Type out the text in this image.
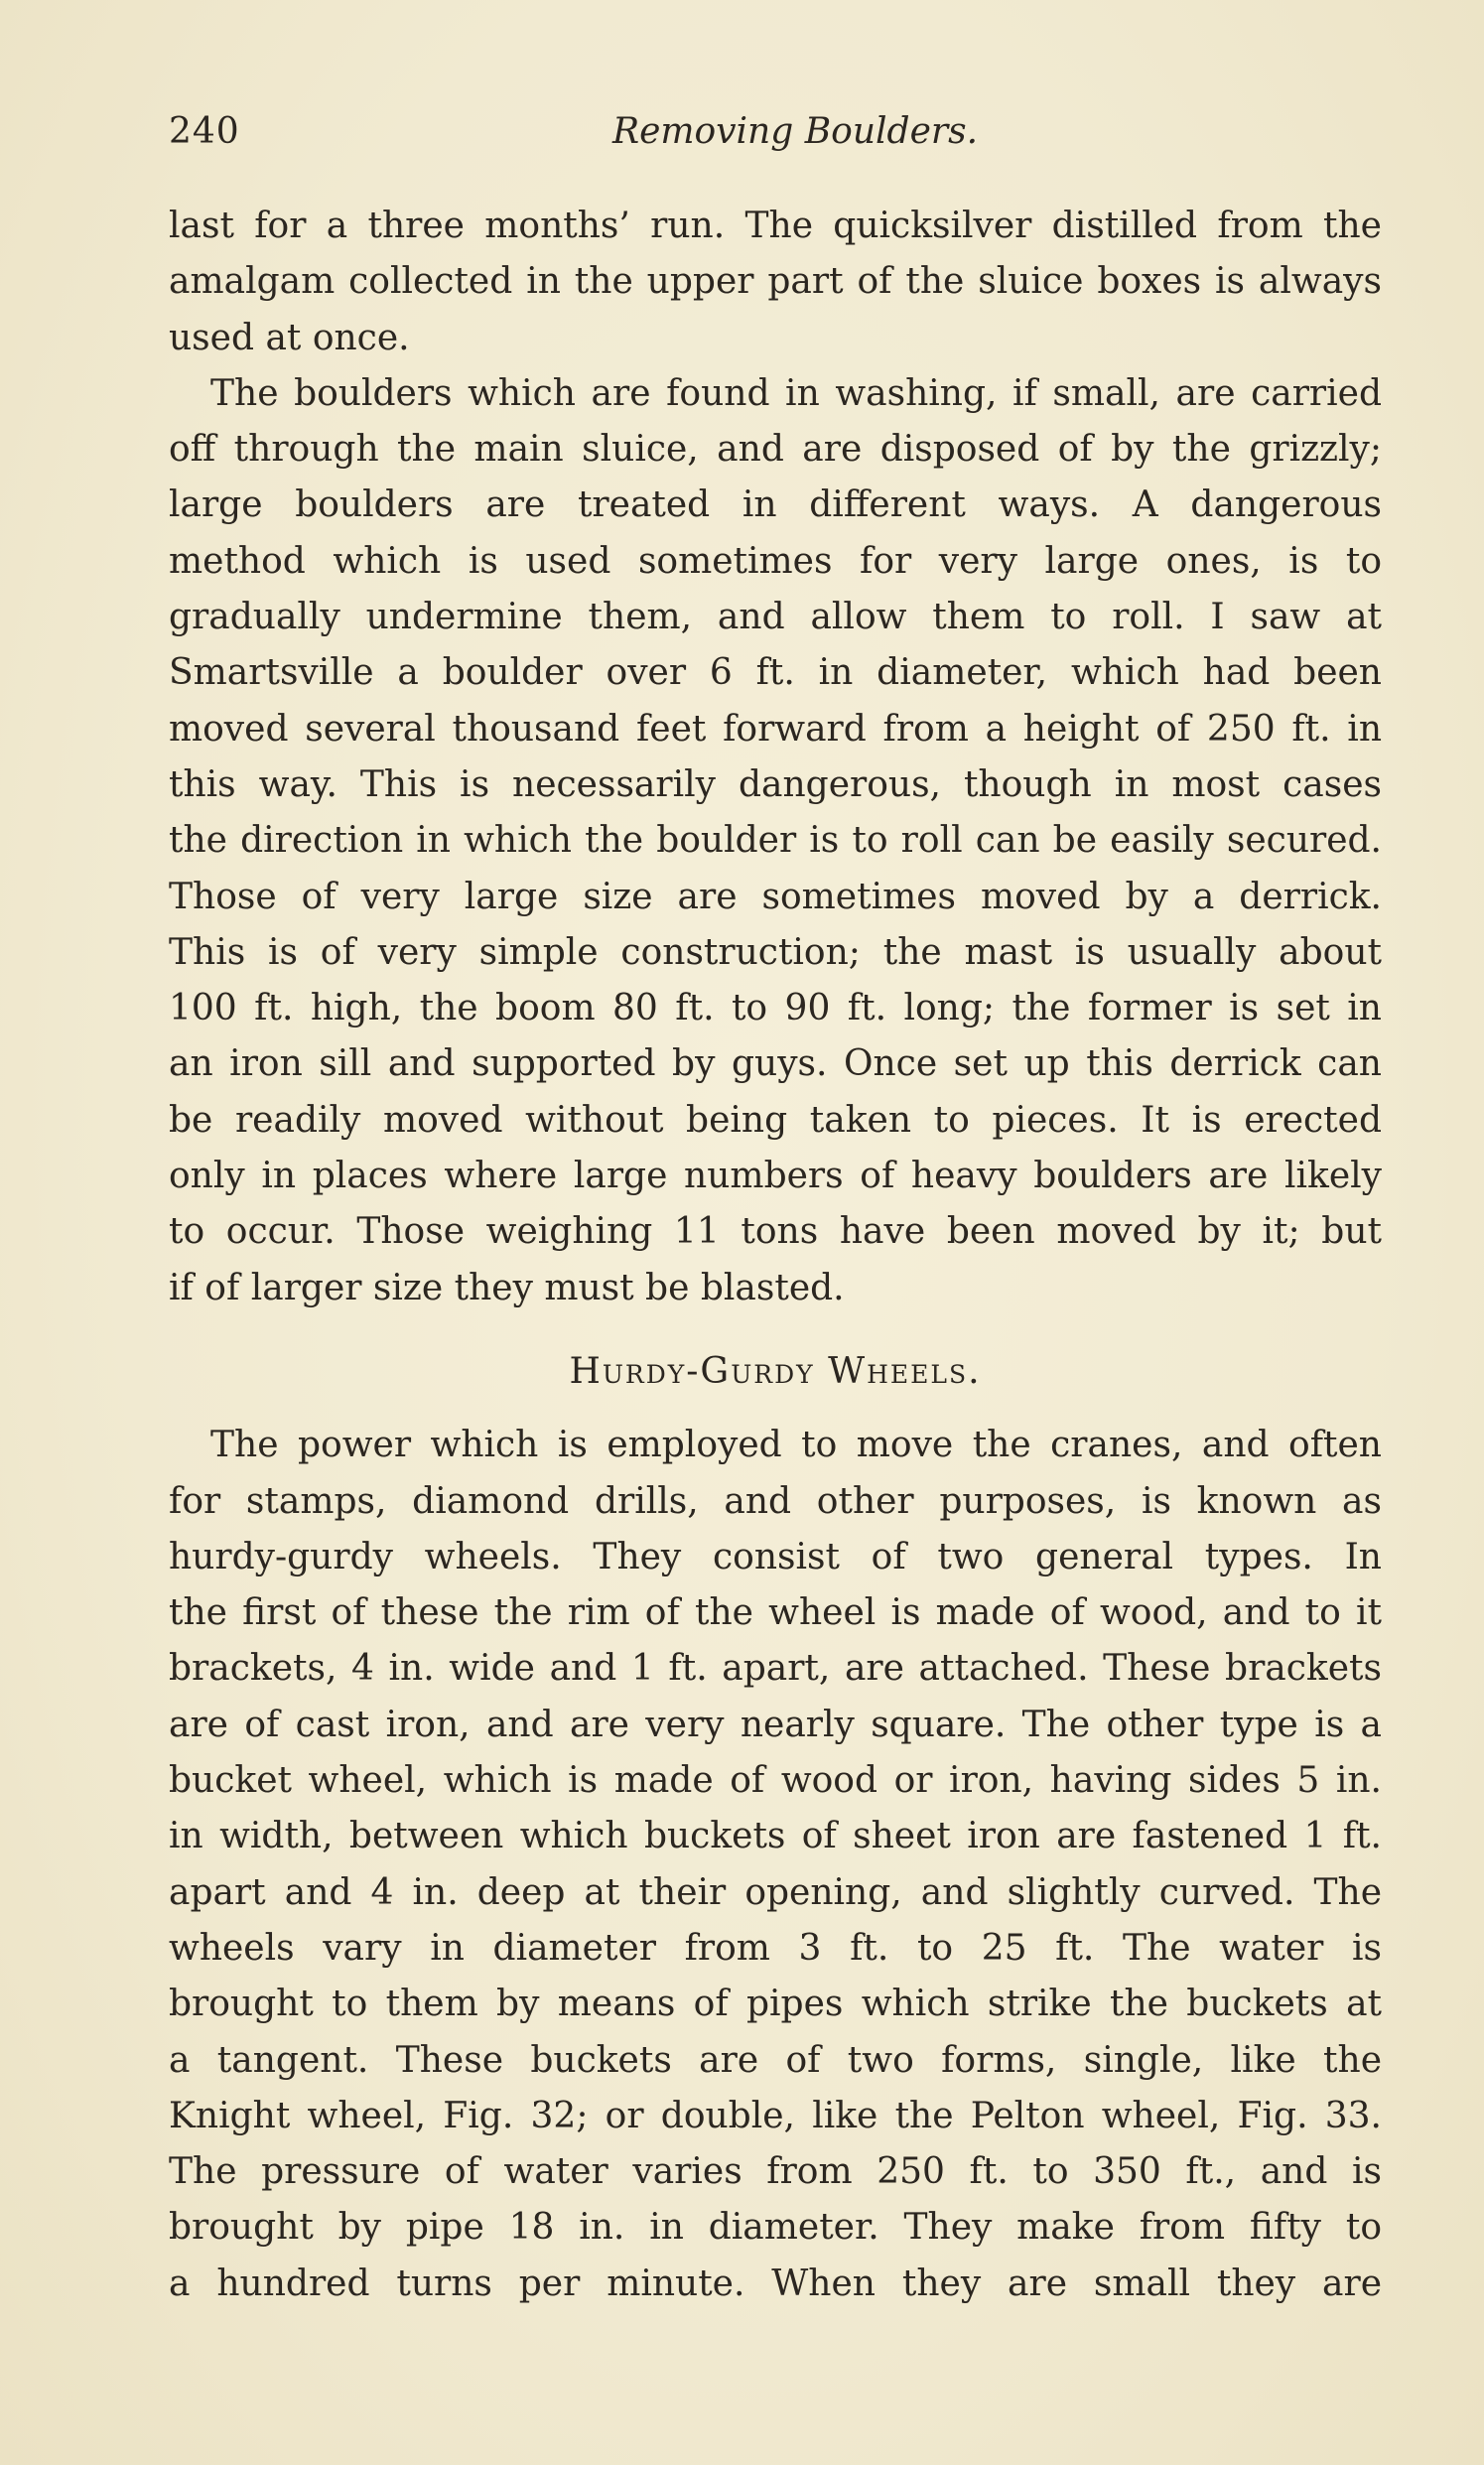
240	Removing Boulders.
last for a three months’ run. The quicksilver distilled from the
amalgam collected in the upper part of the sluice boxes is always
used at once.
The boulders which are found in washing, if small, are carried
off through the main sluice, and are disposed of by the grizzly;
large boulders are treated in different ways. A dangerous
method which is used sometimes for very large ones, is to
gradually undermine them, and allow them to roll. I saw at
Smartsville a boulder over 6 ft. in diameter, which had been
moved several thousand feet forward from a height of 250 ft. in
this way. This is necessarily dangerous, though in most cases
the direction in which the boulder is to roll can be easily secured.
Those of very large size are sometimes moved by a derrick.
This is of very simple construction; the mast is usually about
100 ft. high, the boom 80 ft. to 90 ft. long; the former is set in
an iron sill and supported by guys. Once set up this derrick can
be readily moved without being taken to pieces. It is erected
only in places where large numbers of heavy boulders are likely
to occur. Those weighing 11 tons have been moved by it; but
if of larger size they must be blasted.
Hurdy-Gurdy Wheels.
The power which is employed to move the cranes, and often
for stamps, diamond drills, and other purposes, is known as
hurdy-gurdy wheels. They consist of two general types. In
the first of these the rim of the wheel is made of wood, and to it
brackets, 4 in. wide and 1 ft. apart, are attached. These brackets
are of cast iron, and are very nearly square. The other type is a
bucket wheel, which is made of wood or iron, having sides 5 in.
in width, between which buckets of sheet iron are fastened 1 ft.
apart and 4 in. deep at their opening, and slightly curved. The
wheels vary in diameter from 3 ft. to 25 ft. The water is
brought to them by means of pipes which strike the buckets at
a tangent. These buckets are of two forms, single, like the
Knight wheel, Fig. 32; or double, like the Pelton wheel, Fig. 33.
The pressure of water varies from 250 ft. to 350 ft., and is
brought by pipe 18 in. in diameter. They make from fifty to
a hundred turns per minute. When they are small they are
